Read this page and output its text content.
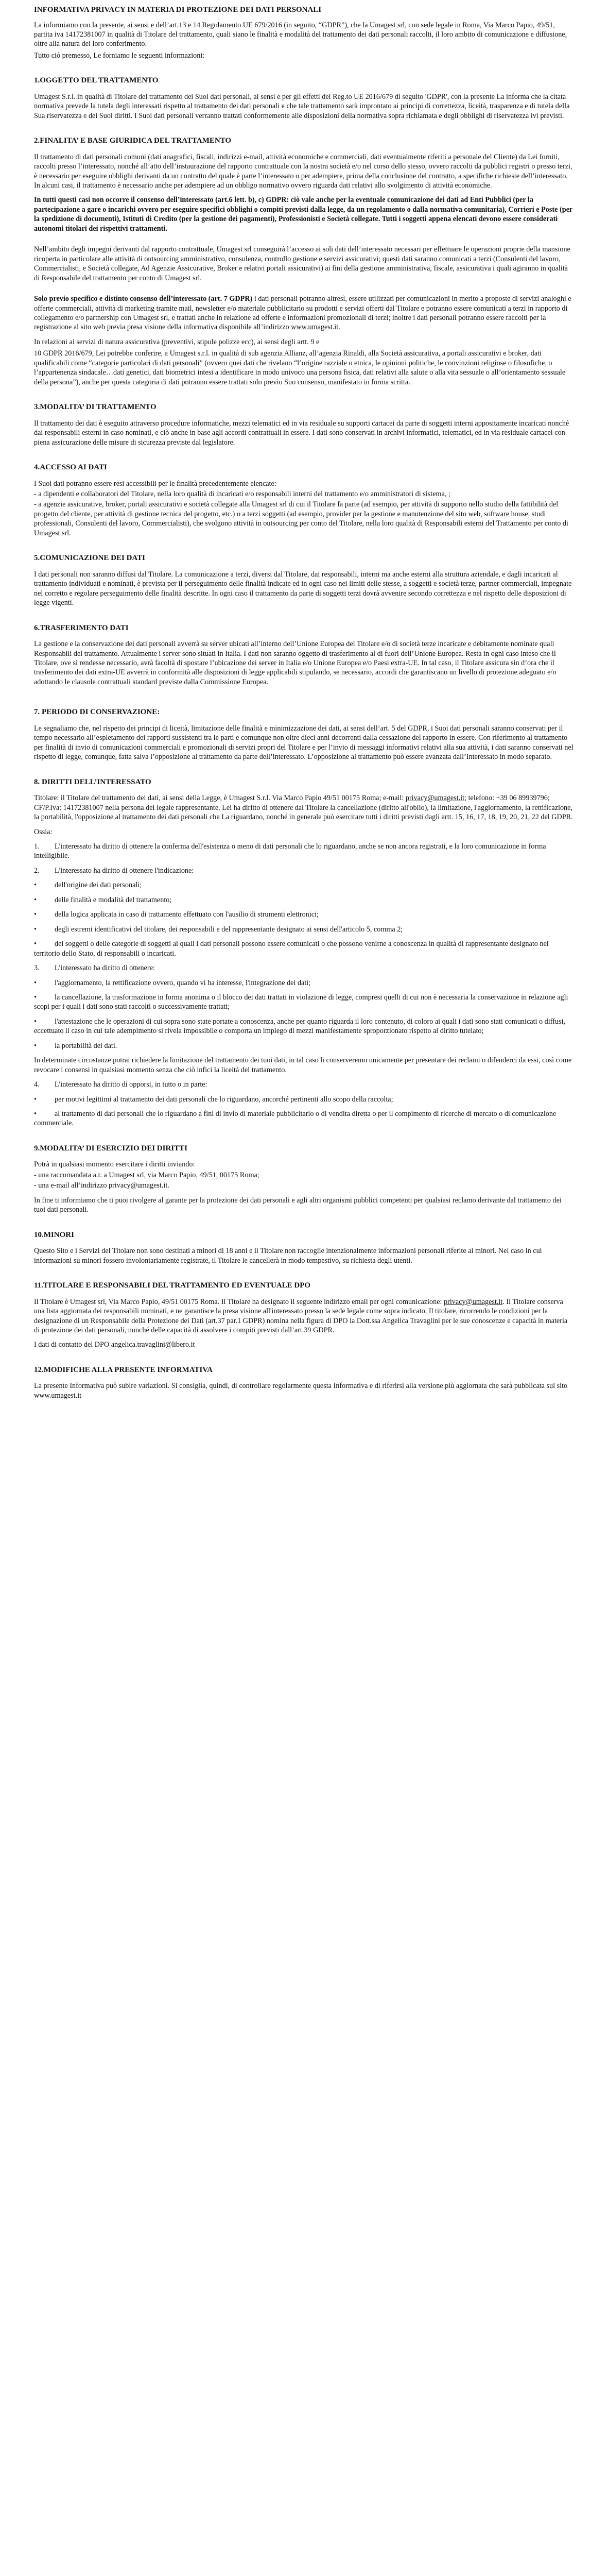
INFORMATIVA PRIVACY IN MATERIA DI PROTEZIONE DEI DATI PERSONALI

La informiamo con la presente, ai sensi e dell’art.13 e 14 Regolamento UE 679/2016 (in seguito, “GDPR”), che la Umagest srl, con sede legale in Roma, Via Marco Papio, 49/51, partita iva 14172381007 in qualità di Titolare del trattamento, quali siano le finalità e modalità del trattamento dei dati personali raccolti, il loro ambito di comunicazione e diffusione, oltre alla natura del loro conferimento.

Tutto ciò premesso, Le forniamo le seguenti informazioni:

1.OGGETTO DEL TRATTAMENTO

Umagest S.r.l. in qualità di Titolare del trattamento dei Suoi dati personali, ai sensi e per gli effetti del Reg.to UE 2016/679 di seguito 'GDPR', con la presente La informa che la citata normativa prevede la tutela degli interessati rispetto al trattamento dei dati personali e che tale trattamento sarà improntato ai principi di correttezza, liceità, trasparenza e di tutela della Sua riservatezza e dei Suoi diritti. I Suoi dati personali verranno trattati conformemente alle disposizioni della normativa sopra richiamata e degli obblighi di riservatezza ivi previsti.

2.FINALITA’ E BASE GIURIDICA DEL TRATTAMENTO

Il trattamento di dati personali comuni (dati anagrafici, fiscali, indirizzi e-mail, attività economiche e commerciali, dati eventualmente riferiti a personale del Cliente) da Lei forniti, raccolti presso l’interessato, nonché all’atto dell’instaurazione del rapporto contrattuale con la nostra società e/o nel corso dello stesso, ovvero raccolti da pubblici registri o presso terzi, è necessario per eseguire obblighi derivanti da un contratto del quale è parte l’interessato o per adempiere, prima della conclusione del contratto, a specifiche richieste dell’interessato. In alcuni casi, il trattamento è necessario anche per adempiere ad un obbligo normativo ovvero riguarda dati relativi allo svolgimento di attività economiche.

In tutti questi casi non occorre il consenso dell’interessato (art.6 lett. b), c) GDPR: ciò vale anche per la eventuale comunicazione dei dati ad Enti Pubblici (per la partecipazione a gare o incarichi ovvero per eseguire specifici obblighi o compiti previsti dalla legge, da un regolamento o dalla normativa comunitaria), Corrieri e Poste (per la spedizione di documenti), Istituti di Credito (per la gestione dei pagamenti), Professionisti e Società collegate. Tutti i soggetti appena elencati devono essere considerati autonomi titolari dei rispettivi trattamenti.

Nell’ambito degli impegni derivanti dal rapporto contrattuale, Umagest srl conseguirà l’accesso ai soli dati dell’interessato necessari per effettuare le operazioni proprie della mansione ricoperta in particolare alle attività di outsourcing amministrativo, consulenza, controllo gestione e servizi assicurativi; questi dati saranno comunicati a terzi (Consulenti del lavoro, Commercialisti, e Società collegate, Ad Agenzie Assicurative, Broker e relativi portali assicurativi) ai fini della gestione amministrativa, fiscale, assicurativa i quali agiranno in qualità di Responsabile del trattamento per conto di Umagest srl.

Solo previo specifico e distinto consenso dell’interessato (art. 7 GDPR) i dati personali potranno altresì, essere utilizzati per comunicazioni in merito a proposte di servizi analoghi e offerte commerciali, attività di marketing tramite mail, newsletter e/o materiale pubblicitario su prodotti e servizi offerti dal Titolare e potranno essere comunicati a terzi in rapporto di collegamento e/o partnership con Umagest srl, e trattati anche in relazione ad offerte e informazioni promozionali di terzi; inoltre i dati personali potranno essere raccolti per la registrazione al sito web previa presa visione della informativa disponibile all’indirizzo www.umagest.it.

In relazioni ai servizi di natura assicurativa (preventivi, stipule polizze ecc), ai sensi degli artt. 9 e

10 GDPR 2016/679, Lei potrebbe conferire, a Umagest s.r.l. in qualità di sub agenzia Allianz, all’agenzia Rinaldi, alla Società assicurativa, a portali assicurativi e broker, dati qualificabili come “categorie particolari di dati personali” (ovvero quei dati che rivelano “l’origine razziale o etnica, le opinioni politiche, le convinzioni religiose o filosofiche, o l’appartenenza sindacale…dati genetici, dati biometrici intesi a identificare in modo univoco una persona fisica, dati relativi alla salute o alla vita sessuale o all’orientamento sessuale della persona”), anche per questa categoria di dati potranno essere trattati solo previo Suo consenso, manifestato in forma scritta.

3.MODALITA’ DI TRATTAMENTO

Il trattamento dei dati è eseguito attraverso procedure informatiche, mezzi telematici ed in via residuale su supporti cartacei da parte di soggetti interni appositamente incaricati nonché dai responsabili esterni in caso nominati, e ciò anche in base agli accordi contrattuali in essere. I dati sono conservati in archivi informatici, telematici, ed in via residuale cartacei con piena assicurazione delle misure di sicurezza previste dal legislatore.

4.ACCESSO AI DATI

I Suoi dati potranno essere resi accessibili per le finalità precedentemente elencate:

- a dipendenti e collaboratori del Titolare, nella loro qualità di incaricati e/o responsabili interni del trattamento e/o amministratori di sistema, ;

- a agenzie assicurative, broker, portali assicurativi e società collegate alla Umagest srl di cui il Titolare fa parte (ad esempio, per attività di supporto nello studio della fattibilità del progetto del cliente, per attività di gestione tecnica del progetto, etc.) o a terzi soggetti (ad esempio, provider per la gestione e manutenzione del sito web, software house, studi professionali, Consulenti del lavoro, Commercialisti), che svolgono attività in outsourcing per conto del Titolare, nella loro qualità di Responsabili esterni del Trattamento per conto di Umagest srl.

5.COMUNICAZIONE DEI DATI

I dati personali non saranno diffusi dal Titolare. La comunicazione a terzi, diversi dal Titolare, dai responsabili, interni ma anche esterni alla struttura aziendale, e dagli incaricati al trattamento individuati e nominati, è prevista per il perseguimento delle finalità indicate ed in ogni caso nei limiti delle stesse, a soggetti e società terze, partner commerciali, impegnate nel corretto e regolare perseguimento delle finalità descritte. In ogni caso il trattamento da parte di soggetti terzi dovrà avvenire secondo correttezza e nel rispetto delle disposizioni di legge vigenti.

6.TRASFERIMENTO DATI

La gestione e la conservazione dei dati personali avverrà su server ubicati all’interno dell’Unione Europea del Titolare e/o di società terze incaricate e debitamente nominate quali Responsabili del trattamento. Attualmente i server sono situati in Italia. I dati non saranno oggetto di trasferimento al di fuori dell’Unione Europea. Resta in ogni caso inteso che il Titolare, ove si rendesse necessario, avrà facoltà di spostare l’ubicazione dei server in Italia e/o Unione Europea e/o Paesi extra-UE. In tal caso, il Titolare assicura sin d’ora che il trasferimento dei dati extra-UE avverrà in conformità alle disposizioni di legge applicabili stipulando, se necessario, accordi che garantiscano un livello di protezione adeguato e/o adottando le clausole contrattuali standard previste dalla Commissione Europea.

7. PERIODO DI CONSERVAZIONE:

Le segnaliamo che, nel rispetto dei principi di liceità, limitazione delle finalità e minimizzazione dei dati, ai sensi dell’art. 5 del GDPR, i Suoi dati personali saranno conservati per il tempo necessario all’espletamento dei rapporti sussistenti tra le parti e comunque non oltre dieci anni decorrenti dalla cessazione del rapporto in essere. Con riferimento al trattamento per finalità di invio di comunicazioni commerciali e promozionali di servizi propri del Titolare e per l’invio di messaggi informativi relativi alla sua attività, i dati saranno conservati nel rispetto di legge, comunque, fatta salva l’opposizione al trattamento da parte dell’interessato. L’opposizione al trattamento può essere avanzata dall’Interessato in modo separato.

8. DIRITTI DELL’INTERESSATO

Titolare: il Titolare del trattamento dei dati, ai sensi della Legge, è Umagest S.r.l. Via Marco Papio 49/51 00175 Roma; e-mail: privacy@umagest.it; telefono: +39 06 89939796; CF/P.Iva: 14172381007 nella persona del legale rappresentante. Lei ha diritto di ottenere dal Titolare la cancellazione (diritto all'oblio), la limitazione, l'aggiornamento, la rettificazione, la portabilità, l'opposizione al trattamento dei dati personali che La riguardano, nonché in generale può esercitare tutti i diritti previsti dagli artt. 15, 16, 17, 18, 19, 20, 21, 22 del GDPR.

Ossia:

1. L'interessato ha diritto di ottenere la conferma dell'esistenza o meno di dati personali che lo riguardano, anche se non ancora registrati, e la loro comunicazione in forma intelligibile.
2. L'interessato ha diritto di ottenere l'indicazione:
• dell'origine dei dati personali;
• delle finalità e modalità del trattamento;
• della logica applicata in caso di trattamento effettuato con l'ausilio di strumenti elettronici;
• degli estremi identificativi del titolare, dei responsabili e del rappresentante designato ai sensi dell'articolo 5, comma 2;
• dei soggetti o delle categorie di soggetti ai quali i dati personali possono essere comunicati o che possono venirne a conoscenza in qualità di rappresentante designato nel territorio dello Stato, di responsabili o incaricati.
3. L'interessato ha diritto di ottenere:
• l'aggiornamento, la rettificazione ovvero, quando vi ha interesse, l'integrazione dei dati;
• la cancellazione, la trasformazione in forma anonima o il blocco dei dati trattati in violazione di legge, compresi quelli di cui non è necessaria la conservazione in relazione agli scopi per i quali i dati sono stati raccolti o successivamente trattati;
• l'attestazione che le operazioni di cui sopra sono state portate a conoscenza, anche per quanto riguarda il loro contenuto, di coloro ai quali i dati sono stati comunicati o diffusi, eccettuato il caso in cui tale adempimento si rivela impossibile o comporta un impiego di mezzi manifestamente sproporzionato rispetto al diritto tutelato;
• la portabilità dei dati.

In determinate circostanze potrai richiedere la limitazione del trattamento dei tuoi dati, in tal caso li conserveremo unicamente per presentare dei reclami o difenderci da essi, così come revocare i consensi in qualsiasi momento senza che ciò infici la liceità del trattamento.

4. L'interessato ha diritto di opporsi, in tutto o in parte:
• per motivi legittimi al trattamento dei dati personali che lo riguardano, ancorché pertinenti allo scopo della raccolta;
• al trattamento di dati personali che lo riguardano a fini di invio di materiale pubblicitario o di vendita diretta o per il compimento di ricerche di mercato o di comunicazione commerciale.
9.MODALITA’ DI ESERCIZIO DEI DIRITTI

Potrà in qualsiasi momento esercitare i diritti inviando:

- una raccomandata a.r. a Umagest srl, via Marco Papio, 49/51, 00175 Roma;

- una e-mail all’indirizzo privacy@umagest.it.

In fine ti informiamo che ti puoi rivolgere al garante per la protezione dei dati personali e agli altri organismi pubblici competenti per qualsiasi reclamo derivante dal trattamento dei tuoi dati personali.

10.MINORI

Questo Sito e i Servizi del Titolare non sono destinati a minori di 18 anni e il Titolare non raccoglie intenzionalmente informazioni personali riferite ai minori. Nel caso in cui informazioni su minori fossero involontariamente registrate, il Titolare le cancellerà in modo tempestivo, su richiesta degli utenti.

11.TITOLARE E RESPONSABILI DEL TRATTAMENTO ED EVENTUALE DPO

Il Titolare è Umagest srl, Via Marco Papio, 49/51 00175 Roma. Il Titolare ha designato il seguente indirizzo email per ogni comunicazione: privacy@umagest.it. Il Titolare conserva una lista aggiornata dei responsabili nominati, e ne garantisce la presa visione all'interessato presso la sede legale come sopra indicato. Il titolare, ricorrendo le condizioni per la designazione di un Responsabile della Protezione dei Dati (art.37 par.1 GDPR) nomina nella figura di DPO la Dott.ssa Angelica Travaglini per le sue conoscenze e capacità in materia di protezione dei dati personali, nonché delle capacità di assolvere i compiti previsti dall’art.39 GDPR.

I dati di contatto del DPO angelica.travaglini@libero.it

12.MODIFICHE ALLA PRESENTE INFORMATIVA

La presente Informativa può subire variazioni. Si consiglia, quindi, di controllare regolarmente questa Informativa e di riferirsi alla versione più aggiornata che sarà pubblicata sul sito www.umagest.it
